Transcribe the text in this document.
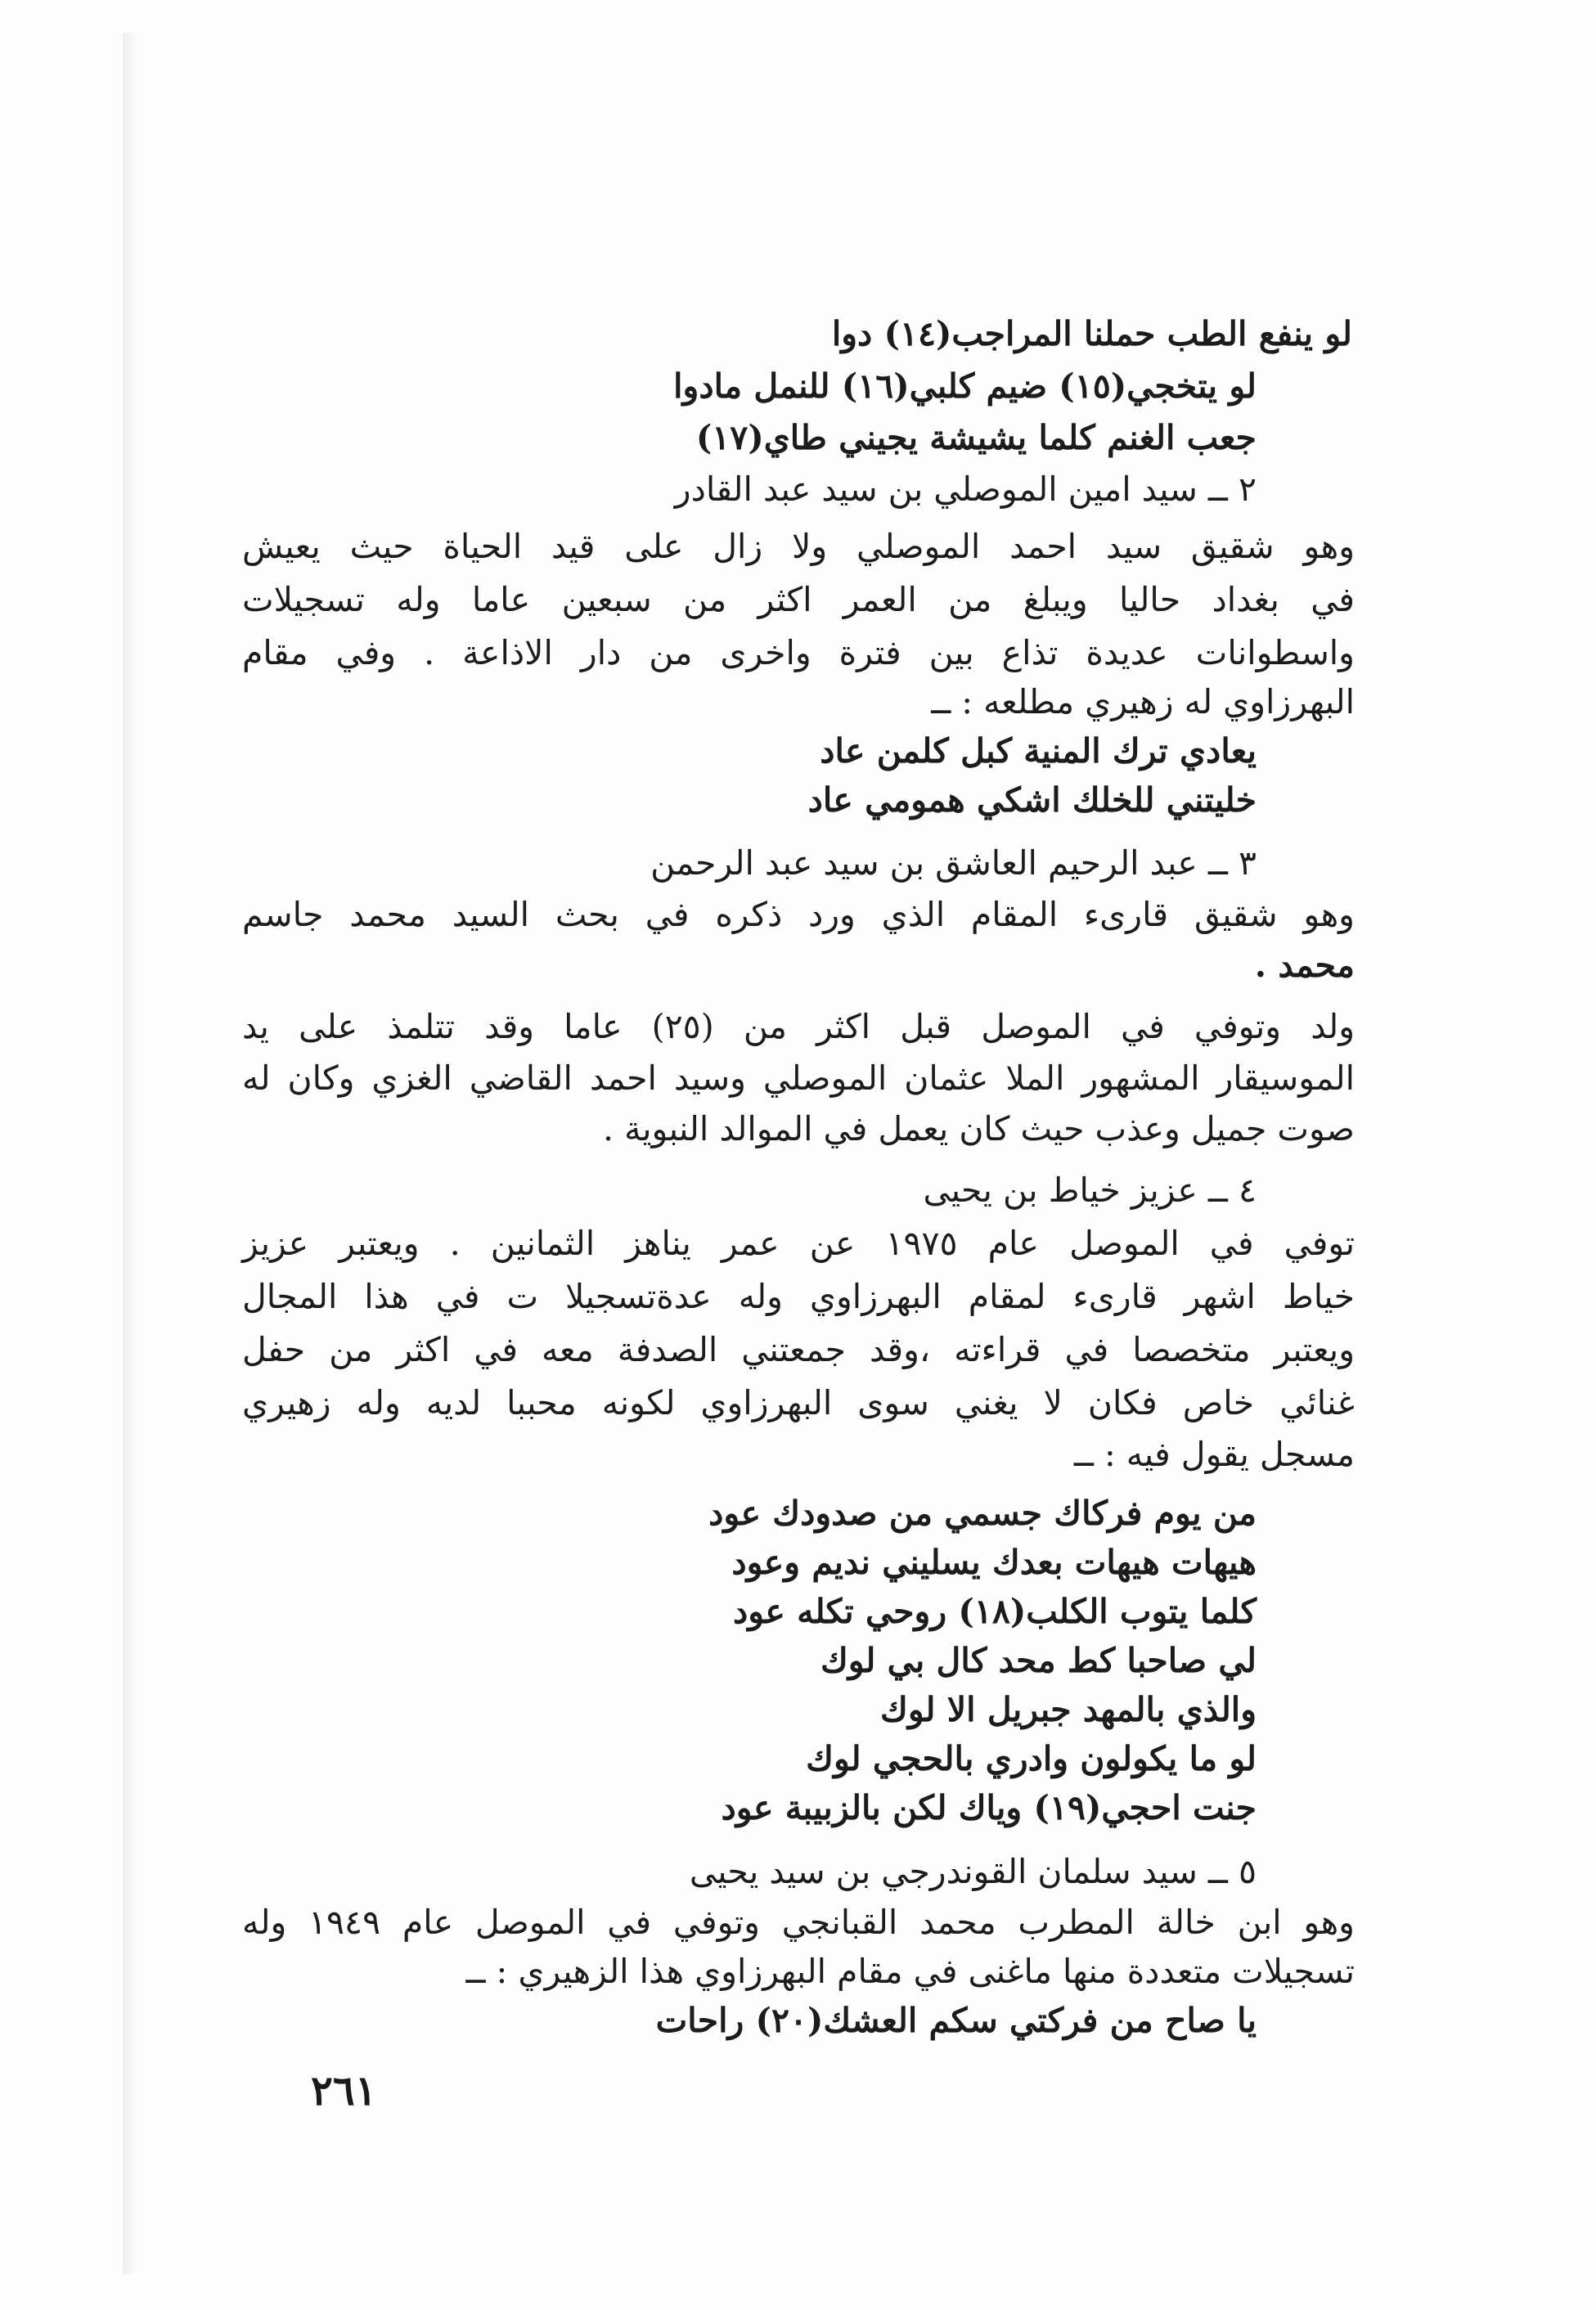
لو ينفع الطب حملنا المراجب(١٤) دوا
لو يتخجي(١٥) ضيم كلبي(١٦) للنمل مادوا
جعب الغنم كلما يشيشة يجيني طاي(١٧)
٢ ــ سيد امين الموصلي بن سيد عبد القادر
وهو شقيق سيد احمد الموصلي ولا زال على قيد الحياة حيث يعيش
في بغداد حاليا ويبلغ من العمر اكثر من سبعين عاما وله تسجيلات
واسطوانات عديدة تذاع بين فترة واخرى من دار الاذاعة . وفي مقام
البهرزاوي له زهيري مطلعه : ــ
يعادي ترك المنية كبل كلمن عاد
خليتني للخلك اشكي همومي عاد
٣ ــ عبد الرحيم العاشق بن سيد عبد الرحمن
وهو شقيق قارىء المقام الذي ورد ذكره في بحث السيد محمد جاسم
محمد .
ولد وتوفي في الموصل قبل اكثر من (٢٥) عاما وقد تتلمذ على يد
الموسيقار المشهور الملا عثمان الموصلي وسيد احمد القاضي الغزي وكان له
صوت جميل وعذب حيث كان يعمل في الموالد النبوية .
٤ ــ عزيز خياط بن يحيى
توفي في الموصل عام ١٩٧٥ عن عمر يناهز الثمانين . ويعتبر عزيز
خياط اشهر قارىء لمقام البهرزاوي وله عدةتسجيلا ت في هذا المجال
ويعتبر متخصصا في قراءته ،وقد جمعتني الصدفة معه في اكثر من حفل
غنائي خاص فكان لا يغني سوى البهرزاوي لكونه محببا لديه وله زهيري
مسجل يقول فيه : ــ
من يوم فركاك جسمي من صدودك عود
هيهات هيهات بعدك يسليني نديم وعود
كلما يتوب الكلب(١٨) روحي تكله عود
لي صاحبا كط محد كال بي لوك
والذي بالمهد جبريل الا لوك
لو ما يكولون وادري بالحجي لوك
جنت احجي(١٩) وياك لكن بالزبيبة عود
٥ ــ سيد سلمان القوندرجي بن سيد يحيى
وهو ابن خالة المطرب محمد القبانجي وتوفي في الموصل عام ١٩٤٩ وله
تسجيلات متعددة منها ماغنى في مقام البهرزاوي هذا الزهيري : ــ
يا صاح من فركتي سكم العشك(٢٠) راحات
٢٦١
